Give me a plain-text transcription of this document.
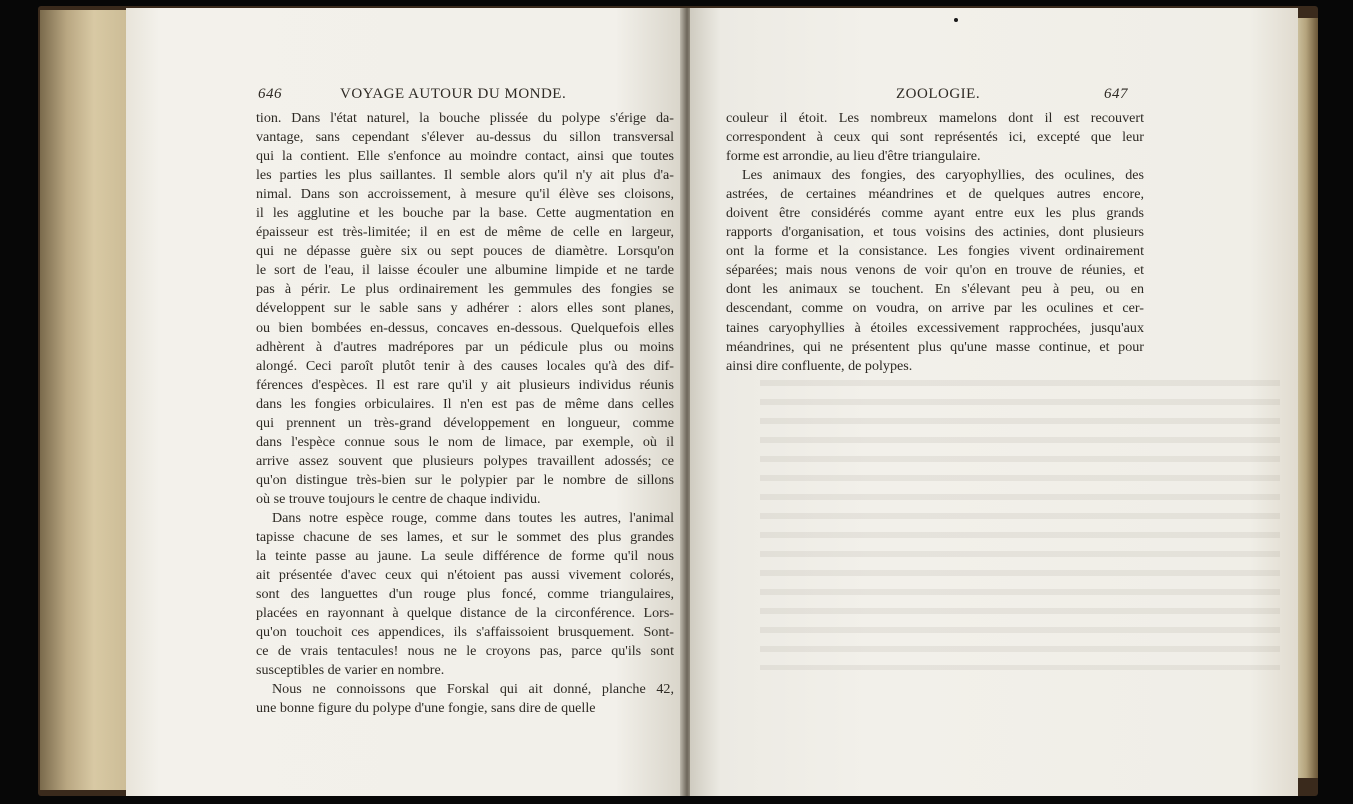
646	VOYAGE AUTOUR DU MONDE.
tion. Dans l'état naturel, la bouche plissée du polype s'érige da-
vantage, sans cependant s'élever au-dessus du sillon transversal
qui la contient. Elle s'enfonce au moindre contact, ainsi que toutes
les parties les plus saillantes. Il semble alors qu'il n'y ait plus d'a-
nimal. Dans son accroissement, à mesure qu'il élève ses cloisons,
il les agglutine et les bouche par la base. Cette augmentation en
épaisseur est très-limitée; il en est de même de celle en largeur,
qui ne dépasse guère six ou sept pouces de diamètre. Lorsqu'on
le sort de l'eau, il laisse écouler une albumine limpide et ne tarde
pas à périr. Le plus ordinairement les gemmules des fongies se
développent sur le sable sans y adhérer : alors elles sont planes,
ou bien bombées en-dessus, concaves en-dessous. Quelquefois elles
adhèrent à d'autres madrépores par un pédicule plus ou moins
alongé. Ceci paroît plutôt tenir à des causes locales qu'à des dif-
férences d'espèces. Il est rare qu'il y ait plusieurs individus réunis
dans les fongies orbiculaires. Il n'en est pas de même dans celles
qui prennent un très-grand développement en longueur, comme
dans l'espèce connue sous le nom de limace, par exemple, où il
arrive assez souvent que plusieurs polypes travaillent adossés; ce
qu'on distingue très-bien sur le polypier par le nombre de sillons
où se trouve toujours le centre de chaque individu.
Dans notre espèce rouge, comme dans toutes les autres, l'animal
tapisse chacune de ses lames, et sur le sommet des plus grandes
la teinte passe au jaune. La seule différence de forme qu'il nous
ait présentée d'avec ceux qui n'étoient pas aussi vivement colorés,
sont des languettes d'un rouge plus foncé, comme triangulaires,
placées en rayonnant à quelque distance de la circonférence. Lors-
qu'on touchoit ces appendices, ils s'affaissoient brusquement. Sont-
ce de vrais tentacules! nous ne le croyons pas, parce qu'ils sont
susceptibles de varier en nombre.
Nous ne connoissons que Forskal qui ait donné, planche 42,
une bonne figure du polype d'une fongie, sans dire de quelle
ZOOLOGIE.	647
couleur il étoit. Les nombreux mamelons dont il est recouvert
correspondent à ceux qui sont représentés ici, excepté que leur
forme est arrondie, au lieu d'être triangulaire.
Les animaux des fongies, des caryophyllies, des oculines, des
astrées, de certaines méandrines et de quelques autres encore,
doivent être considérés comme ayant entre eux les plus grands
rapports d'organisation, et tous voisins des actinies, dont plusieurs
ont la forme et la consistance. Les fongies vivent ordinairement
séparées; mais nous venons de voir qu'on en trouve de réunies, et
dont les animaux se touchent. En s'élevant peu à peu, ou en
descendant, comme on voudra, on arrive par les oculines et cer-
taines caryophyllies à étoiles excessivement rapprochées, jusqu'aux
méandrines, qui ne présentent plus qu'une masse continue, et pour
ainsi dire confluente, de polypes.
